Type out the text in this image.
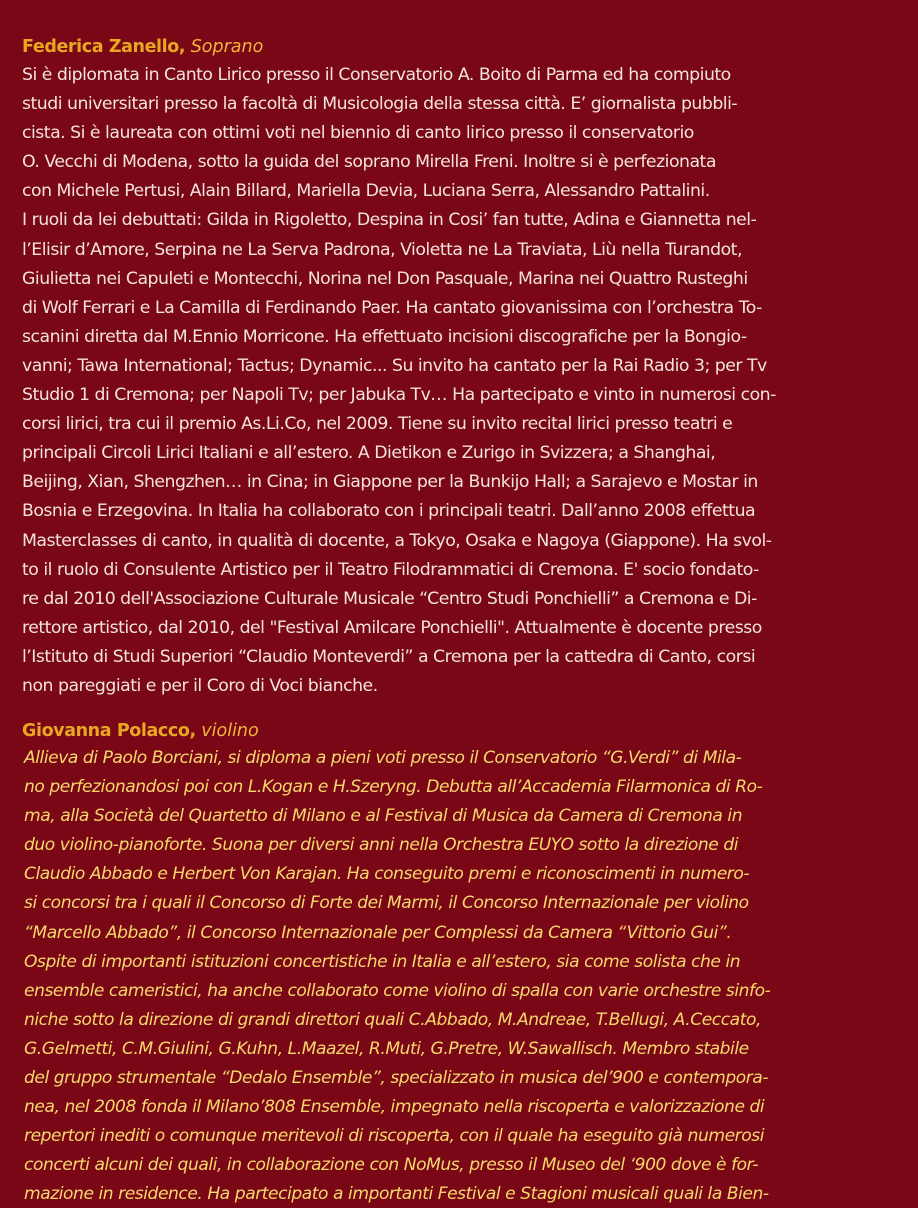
Federica Zanello, Soprano
Si è diplomata in Canto Lirico presso il Conservatorio A. Boito di Parma ed ha compiuto
studi universitari presso la facoltà di Musicologia della stessa città. E’ giornalista pubbli-
cista. Si è laureata con ottimi voti nel biennio di canto lirico presso il conservatorio
O. Vecchi di Modena, sotto la guida del soprano Mirella Freni. Inoltre si è perfezionata
con Michele Pertusi, Alain Billard, Mariella Devia, Luciana Serra, Alessandro Pattalini.
I ruoli da lei debuttati: Gilda in Rigoletto, Despina in Cosi’ fan tutte, Adina e Giannetta nel-
l’Elisir d’Amore, Serpina ne La Serva Padrona, Violetta ne La Traviata, Liù nella Turandot,
Giulietta nei Capuleti e Montecchi, Norina nel Don Pasquale, Marina nei Quattro Rusteghi
di Wolf Ferrari e La Camilla di Ferdinando Paer. Ha cantato giovanissima con l’orchestra To-
scanini diretta dal M.Ennio Morricone. Ha effettuato incisioni discografiche per la Bongio-
vanni; Tawa International; Tactus; Dynamic... Su invito ha cantato per la Rai Radio 3; per Tv
Studio 1 di Cremona; per Napoli Tv; per Jabuka Tv… Ha partecipato e vinto in numerosi con-
corsi lirici, tra cui il premio As.Li.Co, nel 2009. Tiene su invito recital lirici presso teatri e
principali Circoli Lirici Italiani e all’estero. A Dietikon e Zurigo in Svizzera; a Shanghai,
Beijing, Xian, Shengzhen… in Cina; in Giappone per la Bunkijo Hall; a Sarajevo e Mostar in
Bosnia e Erzegovina. In Italia ha collaborato con i principali teatri. Dall’anno 2008 effettua
Masterclasses di canto, in qualità di docente, a Tokyo, Osaka e Nagoya (Giappone). Ha svol-
to il ruolo di Consulente Artistico per il Teatro Filodrammatici di Cremona. E' socio fondato-
re dal 2010 dell'Associazione Culturale Musicale “Centro Studi Ponchielli” a Cremona e Di-
rettore artistico, dal 2010, del "Festival Amilcare Ponchielli". Attualmente è docente presso
l’Istituto di Studi Superiori “Claudio Monteverdi” a Cremona per la cattedra di Canto, corsi
non pareggiati e per il Coro di Voci bianche.
Giovanna Polacco, violino
Allieva di Paolo Borciani, si diploma a pieni voti presso il Conservatorio “G.Verdi” di Mila-
no perfezionandosi poi con L.Kogan e H.Szeryng. Debutta all’Accademia Filarmonica di Ro-
ma, alla Società del Quartetto di Milano e al Festival di Musica da Camera di Cremona in
duo violino-pianoforte. Suona per diversi anni nella Orchestra EUYO sotto la direzione di
Claudio Abbado e Herbert Von Karajan. Ha conseguito premi e riconoscimenti in numero-
si concorsi tra i quali il Concorso di Forte dei Marmi, il Concorso Internazionale per violino
“Marcello Abbado”, il Concorso Internazionale per Complessi da Camera “Vittorio Gui”.
Ospite di importanti istituzioni concertistiche in Italia e all’estero, sia come solista che in
ensemble cameristici, ha anche collaborato come violino di spalla con varie orchestre sinfo-
niche sotto la direzione di grandi direttori quali C.Abbado, M.Andreae, T.Bellugi, A.Ceccato,
G.Gelmetti, C.M.Giulini, G.Kuhn, L.Maazel, R.Muti, G.Pretre, W.Sawallisch. Membro stabile
del gruppo strumentale “Dedalo Ensemble”, specializzato in musica del’900 e contempora-
nea, nel 2008 fonda il Milano’808 Ensemble, impegnato nella riscoperta e valorizzazione di
repertori inediti o comunque meritevoli di riscoperta, con il quale ha eseguito già numerosi
concerti alcuni dei quali, in collaborazione con NoMus, presso il Museo del ‘900 dove è for-
mazione in residence. Ha partecipato a importanti Festival e Stagioni musicali quali la Bien-
